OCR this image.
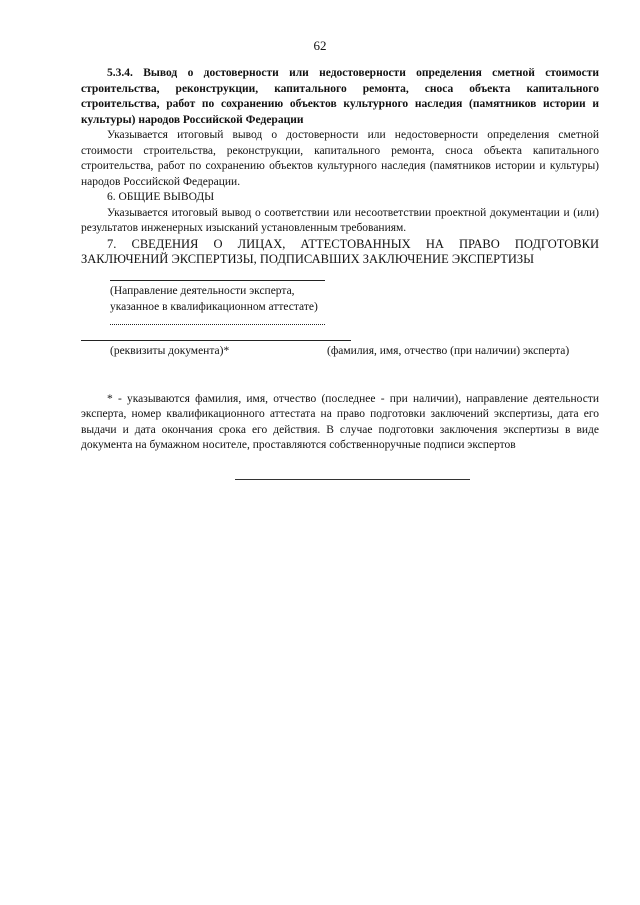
62

5.3.4. Вывод о достоверности или недостоверности определения сметной стоимости строительства, реконструкции, капитального ремонта, сноса объекта капитального строительства, работ по сохранению объектов культурного наследия (памятников истории и культуры) народов Российской Федерации

Указывается итоговый вывод о достоверности или недостоверности определения сметной стоимости строительства, реконструкции, капитального ремонта, сноса объекта капитального строительства, работ по сохранению объектов культурного наследия (памятников истории и культуры) народов Российской Федерации.

6. ОБЩИЕ ВЫВОДЫ

Указывается итоговый вывод о соответствии или несоответствии проектной документации и (или) результатов инженерных изысканий установленным требованиям.

7. СВЕДЕНИЯ О ЛИЦАХ, АТТЕСТОВАННЫХ НА ПРАВО ПОДГОТОВКИ ЗАКЛЮЧЕНИЙ ЭКСПЕРТИЗЫ, ПОДПИСАВШИХ ЗАКЛЮЧЕНИЕ ЭКСПЕРТИЗЫ

(Направление деятельности эксперта,
указанное в квалификационном аттестате)
(реквизиты документа)*	(фамилия, имя, отчество (при наличии) эксперта)

* - указываются фамилия, имя, отчество (последнее - при наличии), направление деятельности эксперта, номер квалификационного аттестата на право подготовки заключений экспертизы, дата его выдачи и дата окончания срока его действия. В случае подготовки заключения экспертизы в виде документа на бумажном носителе, проставляются собственноручные подписи экспертов
